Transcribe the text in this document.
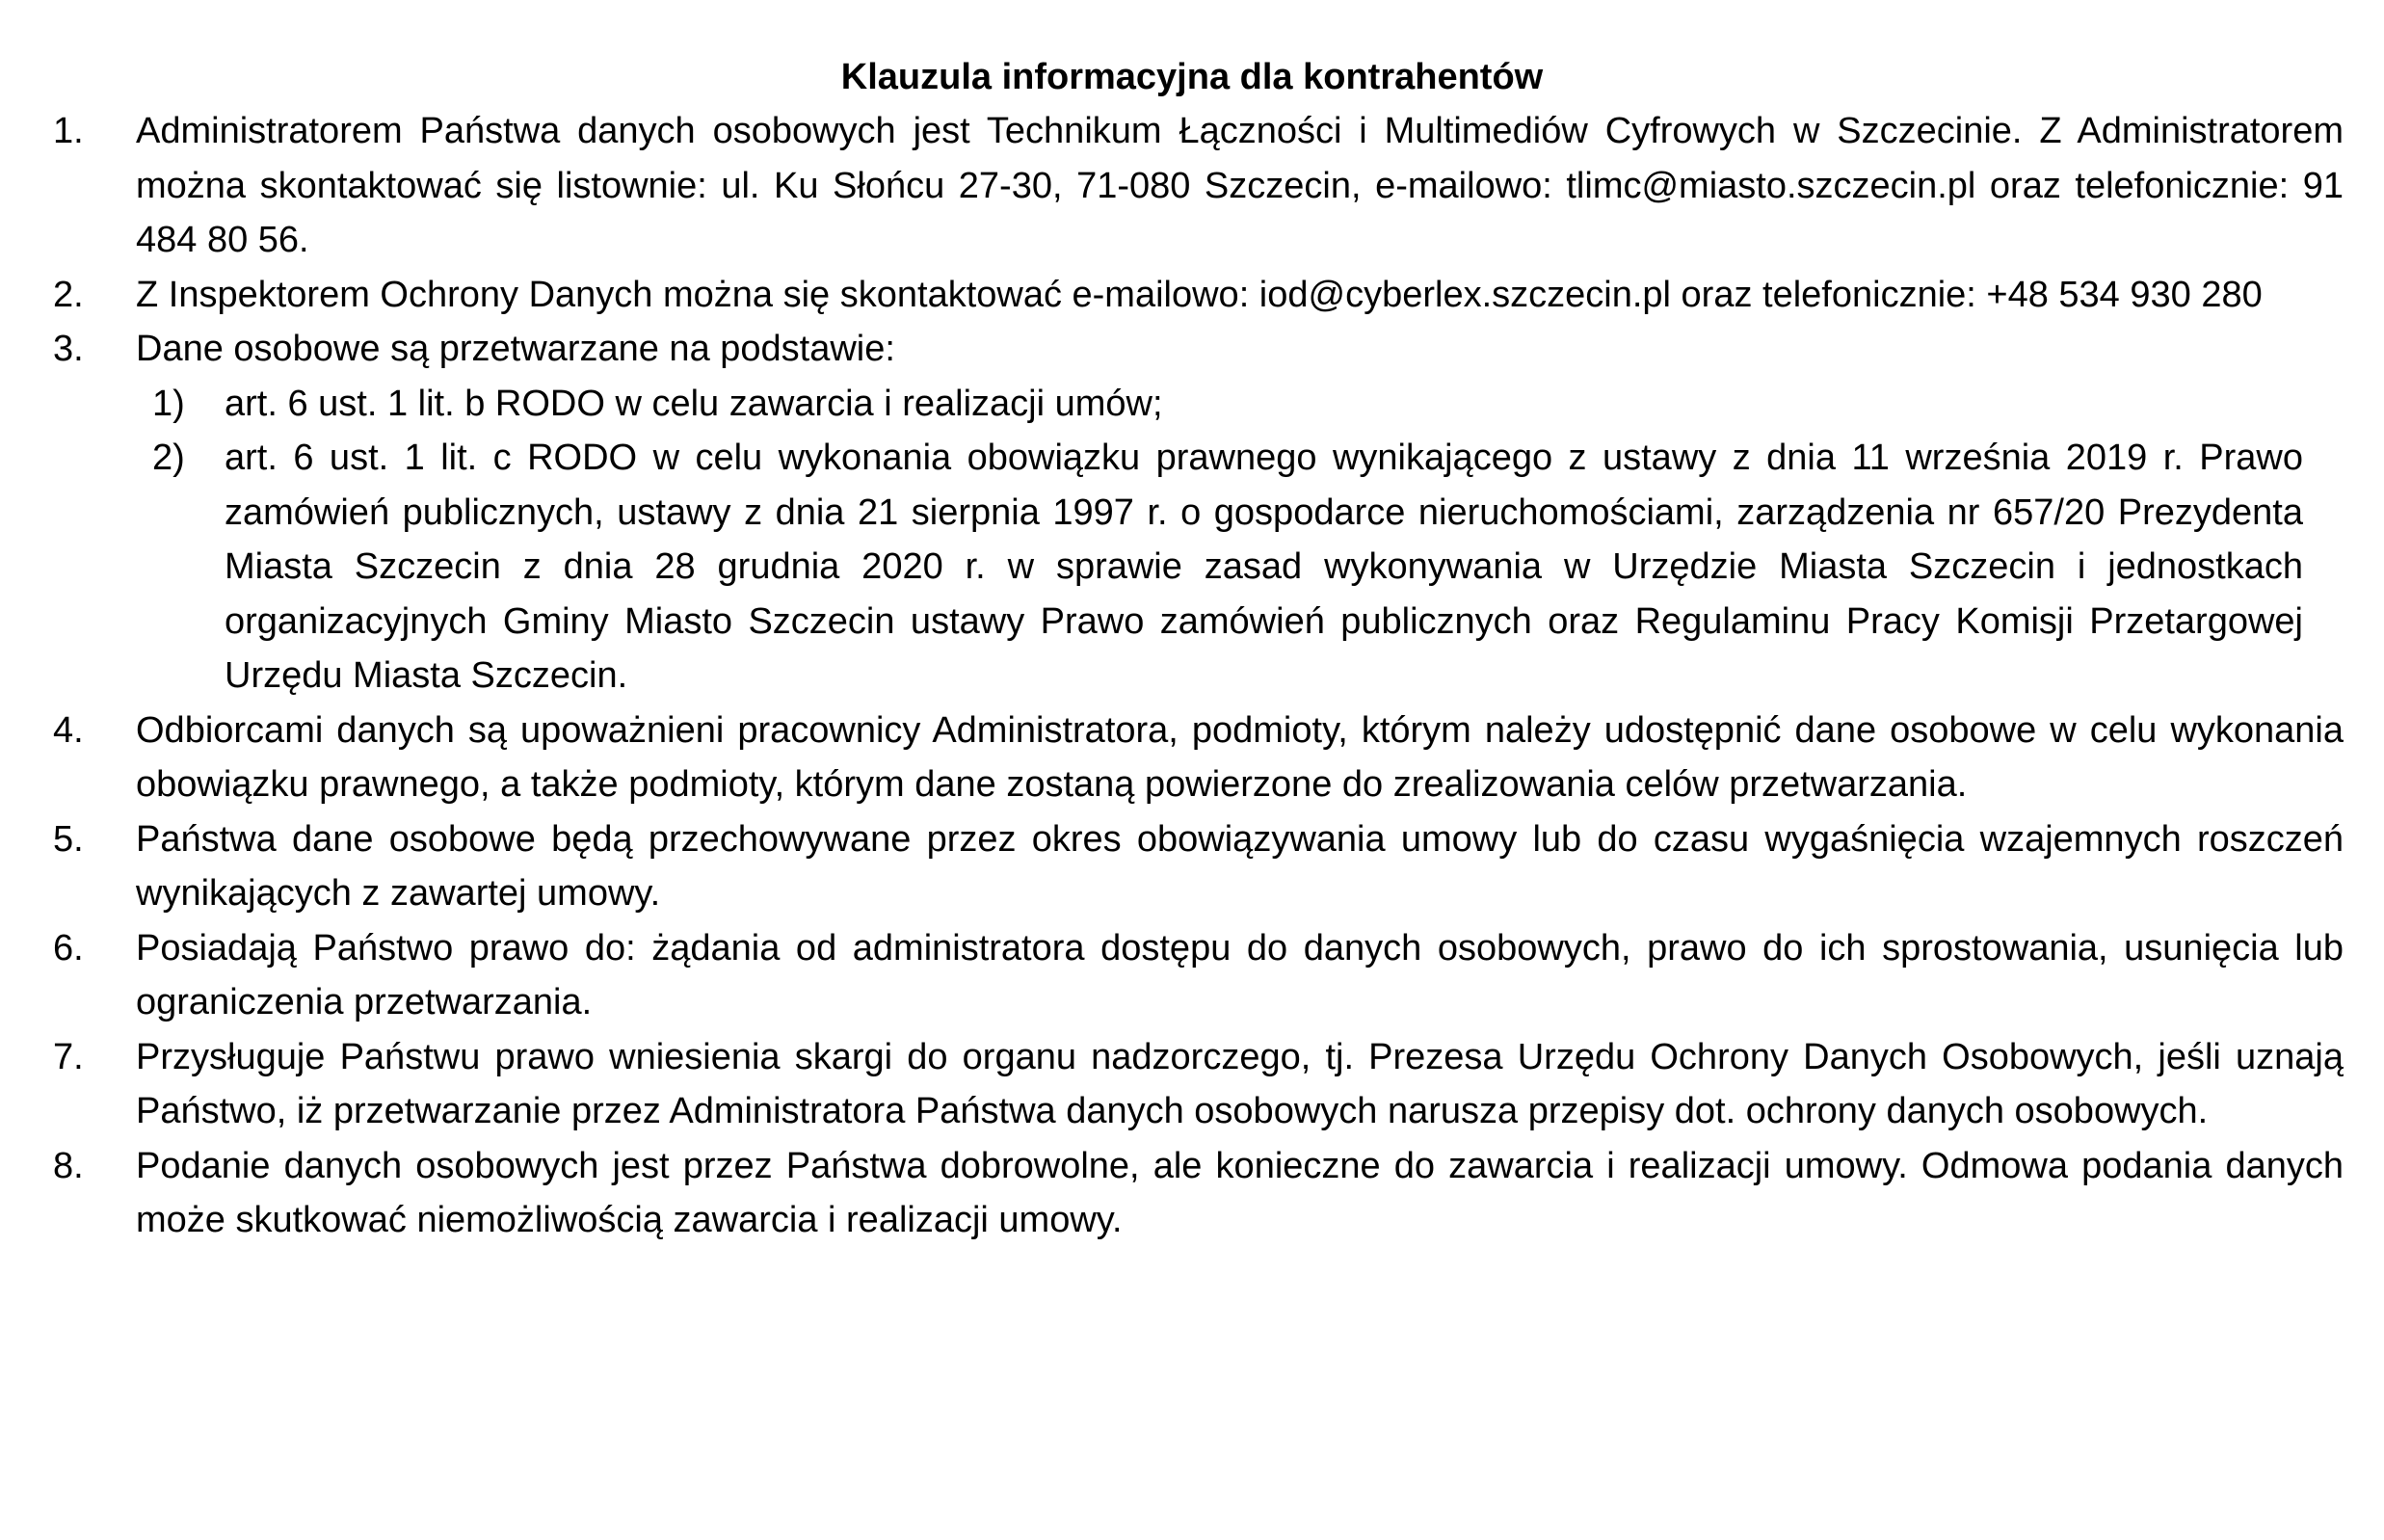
Klauzula informacyjna dla kontrahentów
1. Administratorem Państwa danych osobowych jest Technikum Łączności i Multimediów Cyfrowych w Szczecinie. Z Administratorem można skontaktować się listownie: ul. Ku Słońcu 27-30, 71-080 Szczecin, e-mailowo: tlimc@miasto.szczecin.pl oraz telefonicznie: 91 484 80 56.
2. Z Inspektorem Ochrony Danych można się skontaktować e-mailowo: iod@cyberlex.szczecin.pl oraz telefonicznie: +48 534 930 280
3. Dane osobowe są przetwarzane na podstawie:
1) art. 6 ust. 1 lit. b RODO w celu zawarcia i realizacji umów;
2) art. 6 ust. 1 lit. c RODO w celu wykonania obowiązku prawnego wynikającego z ustawy z dnia 11 września 2019 r. Prawo zamówień publicznych, ustawy z dnia 21 sierpnia 1997 r. o gospodarce nieruchomościami, zarządzenia nr 657/20 Prezydenta Miasta Szczecin z dnia 28 grudnia 2020 r. w sprawie zasad wykonywania w Urzędzie Miasta Szczecin i jednostkach organizacyjnych Gminy Miasto Szczecin ustawy Prawo zamówień publicznych oraz Regulaminu Pracy Komisji Przetargowej Urzędu Miasta Szczecin.
4. Odbiorcami danych są upoważnieni pracownicy Administratora, podmioty, którym należy udostępnić dane osobowe w celu wykonania obowiązku prawnego, a także podmioty, którym dane zostaną powierzone do zrealizowania celów przetwarzania.
5. Państwa dane osobowe będą przechowywane przez okres obowiązywania umowy lub do czasu wygaśnięcia wzajemnych roszczeń wynikających z zawartej umowy.
6. Posiadają Państwo prawo do: żądania od administratora dostępu do danych osobowych, prawo do ich sprostowania, usunięcia lub ograniczenia przetwarzania.
7. Przysługuje Państwu prawo wniesienia skargi do organu nadzorczego, tj. Prezesa Urzędu Ochrony Danych Osobowych, jeśli uznają Państwo, iż przetwarzanie przez Administratora Państwa danych osobowych narusza przepisy dot. ochrony danych osobowych.
8. Podanie danych osobowych jest przez Państwa dobrowolne, ale konieczne do zawarcia i realizacji umowy. Odmowa podania danych może skutkować niemożliwością zawarcia i realizacji umowy.
